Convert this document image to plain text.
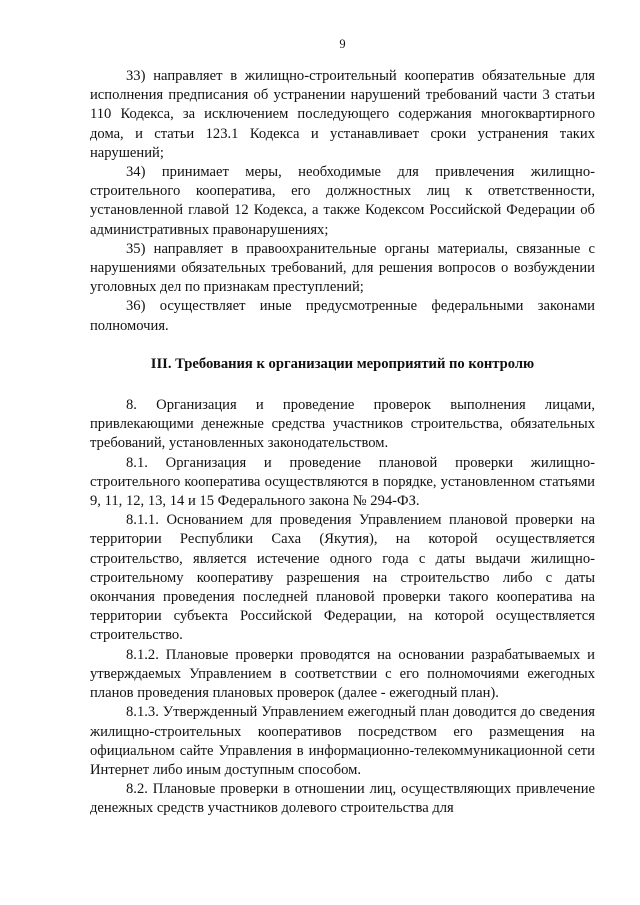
9

33) направляет в жилищно-строительный кооператив обязательные для исполнения предписания об устранении нарушений требований части 3 статьи 110 Кодекса, за исключением последующего содержания многоквартирного дома, и статьи 123.1 Кодекса и устанавливает сроки устранения таких нарушений;

34) принимает меры, необходимые для привлечения жилищно-строительного кооператива, его должностных лиц к ответственности, установленной главой 12 Кодекса, а также Кодексом Российской Федерации об административных правонарушениях;

35) направляет в правоохранительные органы материалы, связанные с нарушениями обязательных требований, для решения вопросов о возбуждении уголовных дел по признакам преступлений;

36) осуществляет иные предусмотренные федеральными законами полномочия.

III. Требования к организации мероприятий по контролю

8. Организация и проведение проверок выполнения лицами, привлекающими денежные средства участников строительства, обязательных требований, установленных законодательством.

8.1. Организация и проведение плановой проверки жилищно-строительного кооператива осуществляются в порядке, установленном статьями 9, 11, 12, 13, 14 и 15 Федерального закона № 294-ФЗ.

8.1.1. Основанием для проведения Управлением плановой проверки на территории Республики Саха (Якутия), на которой осуществляется строительство, является истечение одного года с даты выдачи жилищно-строительному кооперативу разрешения на строительство либо с даты окончания проведения последней плановой проверки такого кооператива на территории субъекта Российской Федерации, на которой осуществляется строительство.

8.1.2. Плановые проверки проводятся на основании разрабатываемых и утверждаемых Управлением в соответствии с его полномочиями ежегодных планов проведения плановых проверок (далее - ежегодный план).

8.1.3. Утвержденный Управлением ежегодный план доводится до сведения жилищно-строительных кооперативов посредством его размещения на официальном сайте Управления в информационно-телекоммуникационной сети Интернет либо иным доступным способом.

8.2. Плановые проверки в отношении лиц, осуществляющих привлечение денежных средств участников долевого строительства для
